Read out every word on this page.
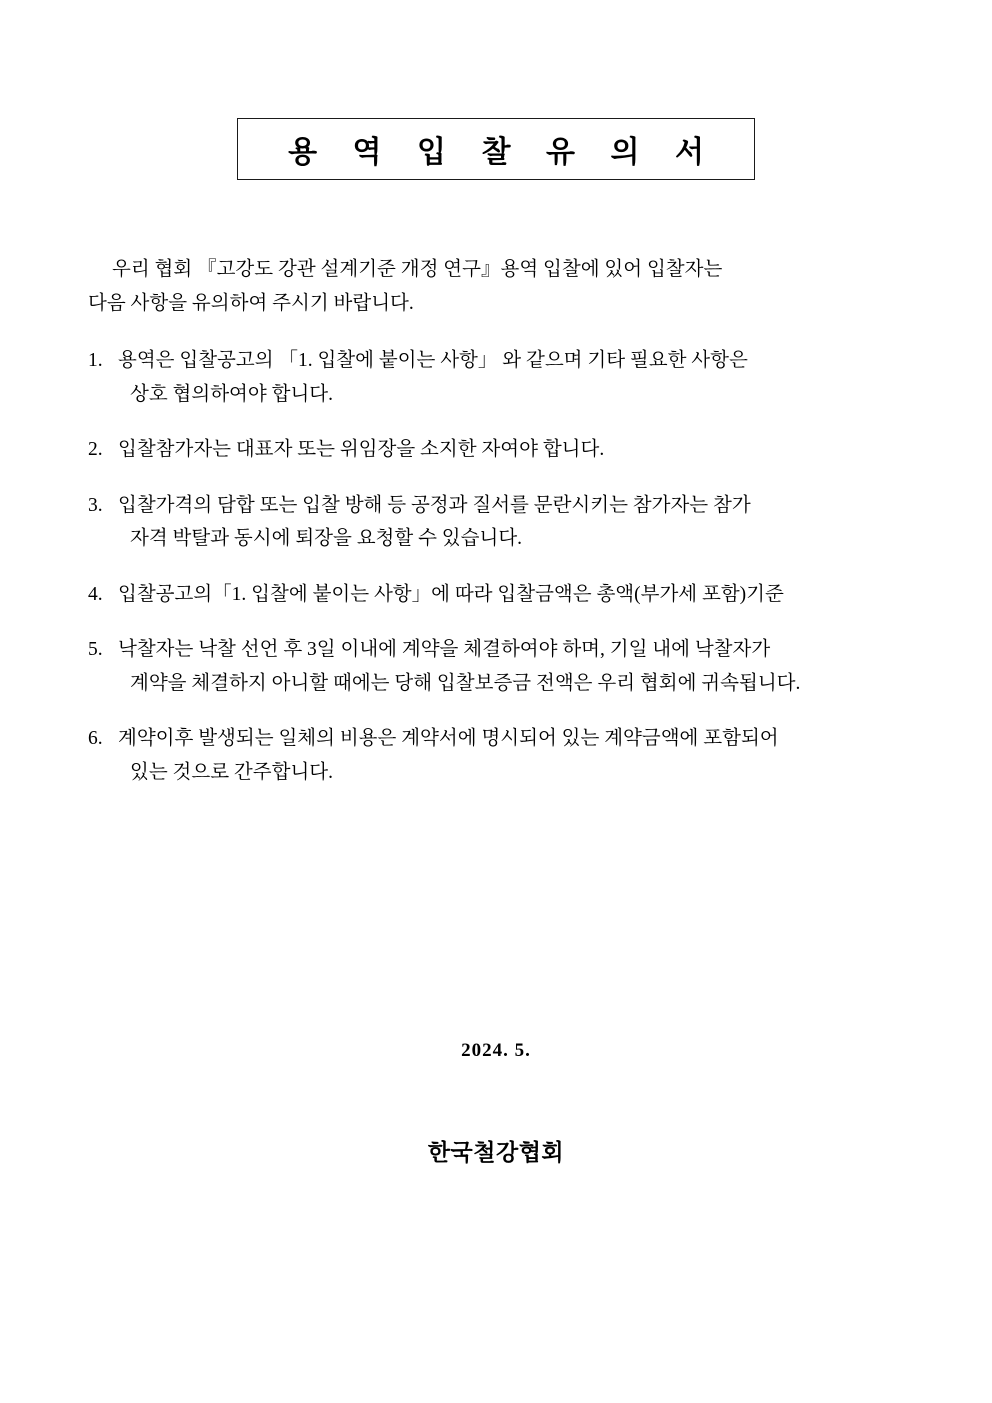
용 역 입 찰 유 의 서
우리 협회 『고강도 강관 설계기준 개정 연구』용역 입찰에 있어 입찰자는
다음 사항을 유의하여 주시기 바랍니다.
1. 용역은 입찰공고의 「1. 입찰에 붙이는 사항」 와 같으며 기타 필요한 사항은
상호 협의하여야 합니다.
2. 입찰참가자는 대표자 또는 위임장을 소지한 자여야 합니다.
3. 입찰가격의 담합 또는 입찰 방해 등 공정과 질서를 문란시키는 참가자는 참가
자격 박탈과 동시에 퇴장을 요청할 수 있습니다.
4. 입찰공고의「1. 입찰에 붙이는 사항」에 따라 입찰금액은 총액(부가세 포함)기준
5. 낙찰자는 낙찰 선언 후 3일 이내에 계약을 체결하여야 하며, 기일 내에 낙찰자가
계약을 체결하지 아니할 때에는 당해 입찰보증금 전액은 우리 협회에 귀속됩니다.
6. 계약이후 발생되는 일체의 비용은 계약서에 명시되어 있는 계약금액에 포함되어
있는 것으로 간주합니다.
2024. 5.
한국철강협회
